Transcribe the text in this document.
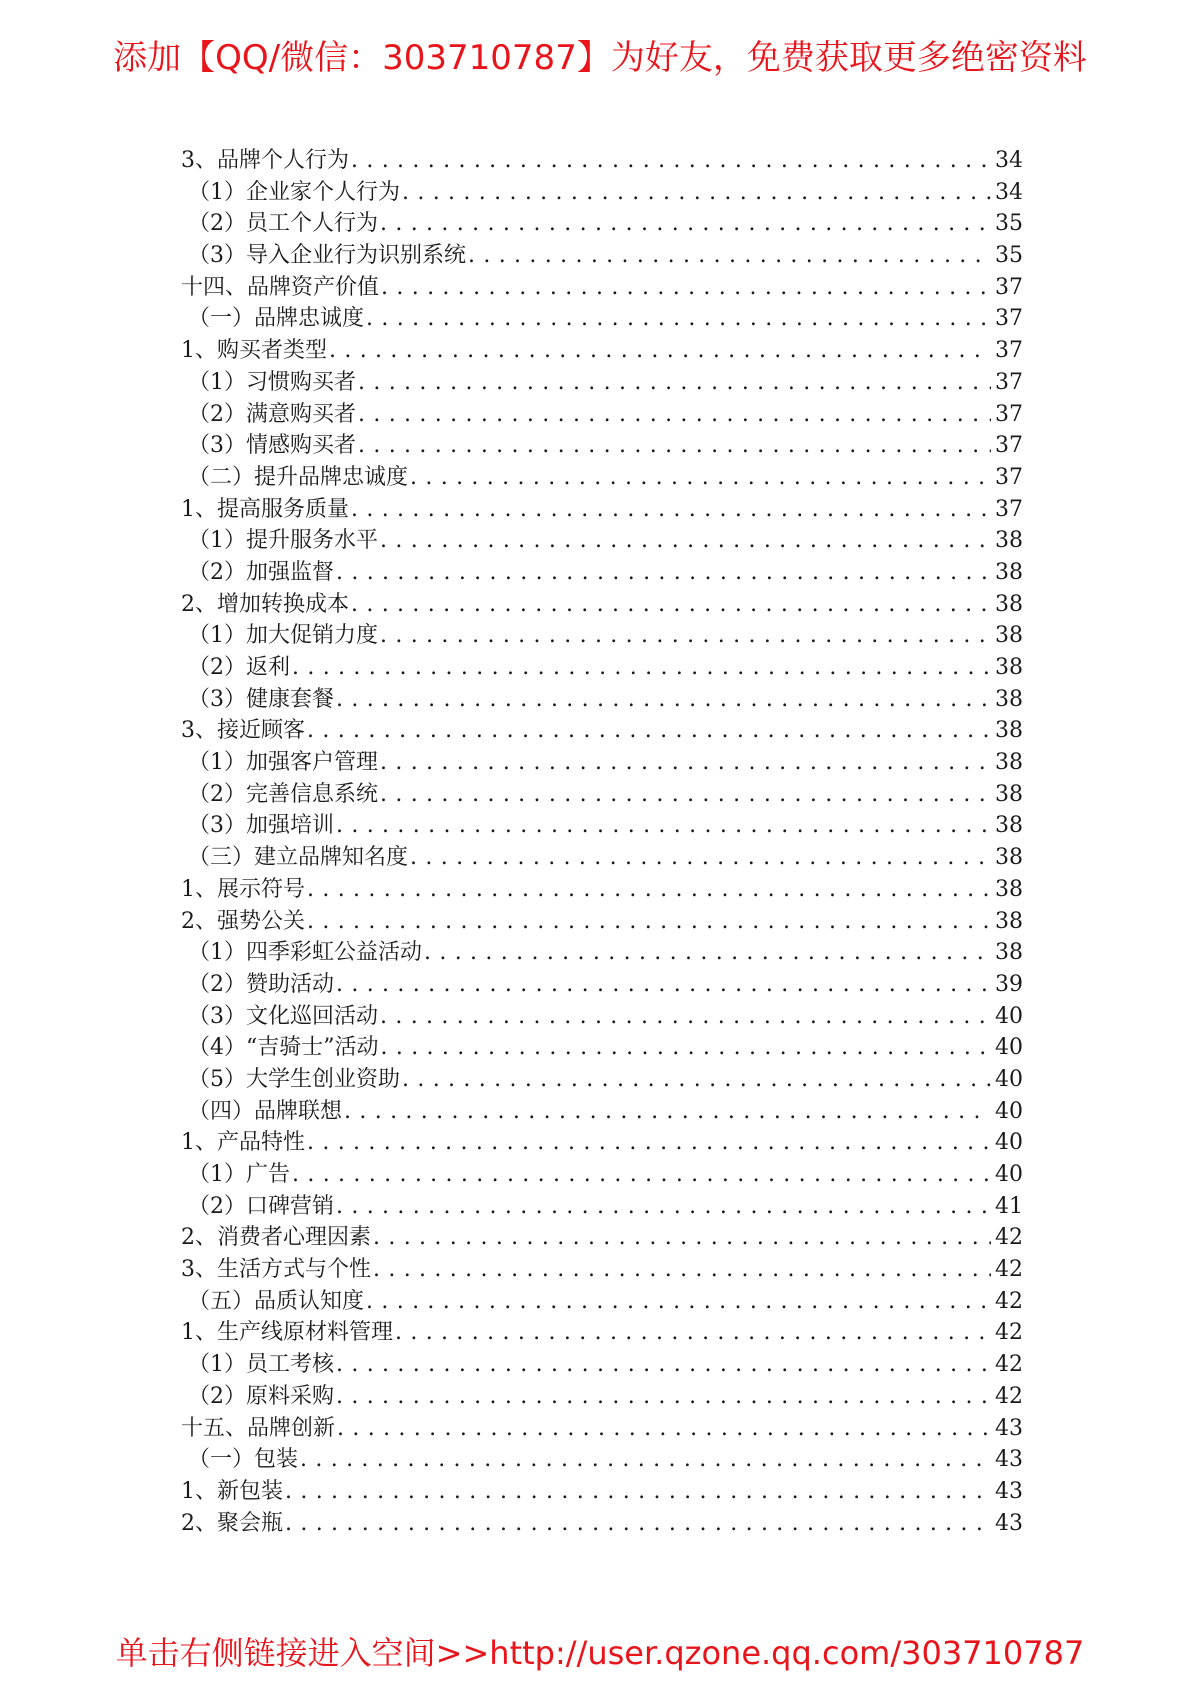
添加【QQ/微信：303710787】为好友，免费获取更多绝密资料
3、品牌个人行为 .....	34
（1）企业家个人行为 .....	34
（2）员工个人行为 .....	35
（3）导入企业行为识别系统 .....	35
十四、品牌资产价值 .....	37
（一）品牌忠诚度 .....	37
1、购买者类型 .....	37
（1）习惯购买者 .....	37
（2）满意购买者 .....	37
（3）情感购买者 .....	37
（二）提升品牌忠诚度 .....	37
1、提高服务质量 .....	37
（1）提升服务水平 .....	38
（2）加强监督 .....	38
2、增加转换成本 .....	38
（1）加大促销力度 .....	38
（2）返利 .....	38
（3）健康套餐 .....	38
3、接近顾客 .....	38
（1）加强客户管理 .....	38
（2）完善信息系统 .....	38
（3）加强培训 .....	38
（三）建立品牌知名度 .....	38
1、展示符号 .....	38
2、强势公关 .....	38
（1）四季彩虹公益活动 .....	38
（2）赞助活动 .....	39
（3）文化巡回活动 .....	40
（4）“吉骑士”活动 .....	40
（5）大学生创业资助 .....	40
（四）品牌联想 .....	40
1、产品特性 .....	40
（1）广告 .....	40
（2）口碑营销 .....	41
2、消费者心理因素 .....	42
3、生活方式与个性 .....	42
（五）品质认知度 .....	42
1、生产线原材料管理 .....	42
（1）员工考核 .....	42
（2）原料采购 .....	42
十五、品牌创新 .....	43
（一）包装 .....	43
1、新包装 .....	43
2、聚会瓶 .....	43
单击右侧链接进入空间>>http://user.qzone.qq.com/303710787
